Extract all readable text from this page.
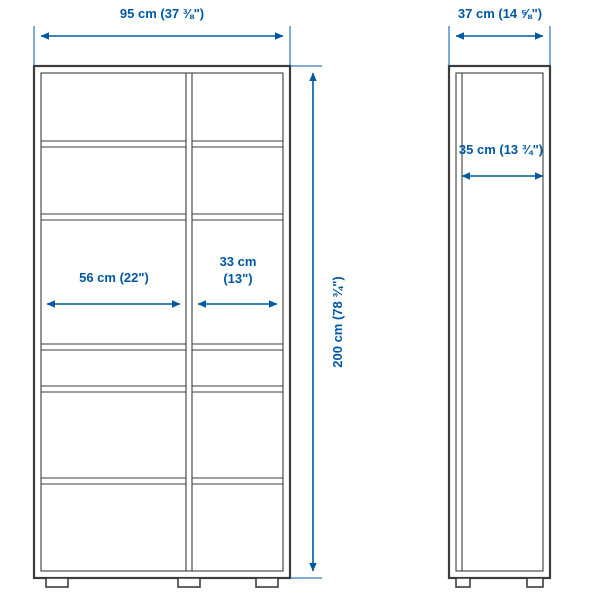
95 cm (37 ⅜")
200 cm (78 ¾")
56 cm (22")
33 cm
(13")
37 cm (14 ⅝")
35 cm (13 ¾")
